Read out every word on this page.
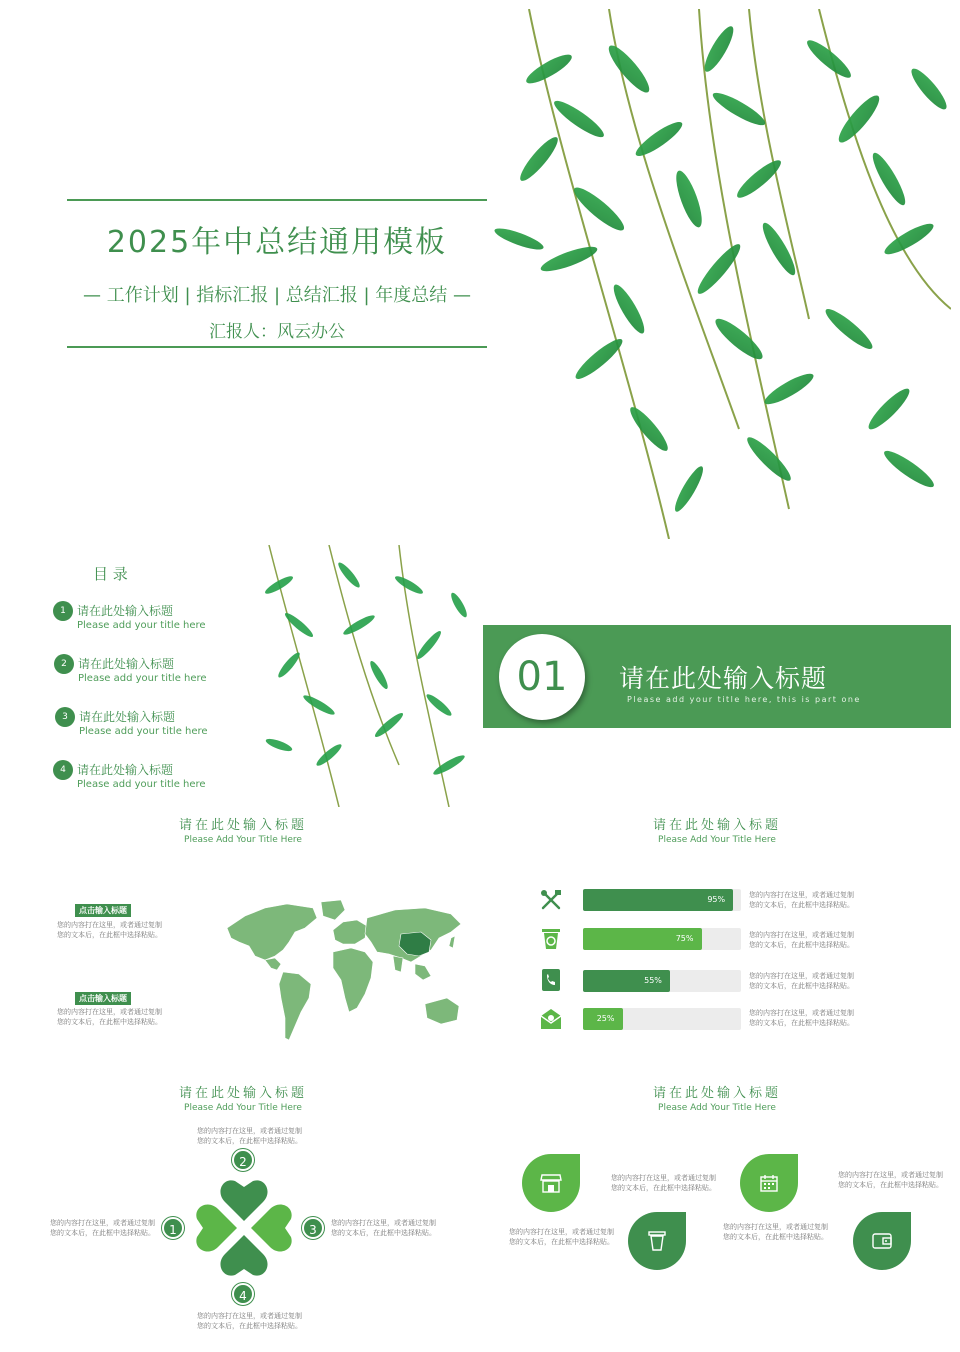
2025年中总结通用模板
— 工作计划 | 指标汇报 | 总结汇报 | 年度总结 —
汇报人：风云办公
目 录
1 请在此处输入标题
Please add your title here
2 请在此处输入标题
Please add your title here
3 请在此处输入标题
Please add your title here
4 请在此处输入标题
Please add your title here
01	请在此处输入标题
Please add your title here, this is part one
请在此处输入标题
Please Add Your Title Here
点击输入标题
您的内容打在这里，或者通过复制
您的文本后，在此框中选择粘贴。
点击输入标题
您的内容打在这里，或者通过复制
您的文本后，在此框中选择粘贴。
请在此处输入标题
Please Add Your Title Here
95%
75%
55%
25%
您的内容打在这里，或者通过复制
您的文本后，在此框中选择粘贴。
您的内容打在这里，或者通过复制
您的文本后，在此框中选择粘贴。
您的内容打在这里，或者通过复制
您的文本后，在此框中选择粘贴。
您的内容打在这里，或者通过复制
您的文本后，在此框中选择粘贴。
请在此处输入标题
Please Add Your Title Here
1
2
3
4
您的内容打在这里，或者通过复制
您的文本后，在此框中选择粘贴。
您的内容打在这里，或者通过复制
您的文本后，在此框中选择粘贴。
您的内容打在这里，或者通过复制
您的文本后，在此框中选择粘贴。
您的内容打在这里，或者通过复制
您的文本后，在此框中选择粘贴。
请在此处输入标题
Please Add Your Title Here
您的内容打在这里，或者通过复制
您的文本后，在此框中选择粘贴。
您的内容打在这里，或者通过复制
您的文本后，在此框中选择粘贴。
您的内容打在这里，或者通过复制
您的文本后，在此框中选择粘贴。
您的内容打在这里，或者通过复制
您的文本后，在此框中选择粘贴。
